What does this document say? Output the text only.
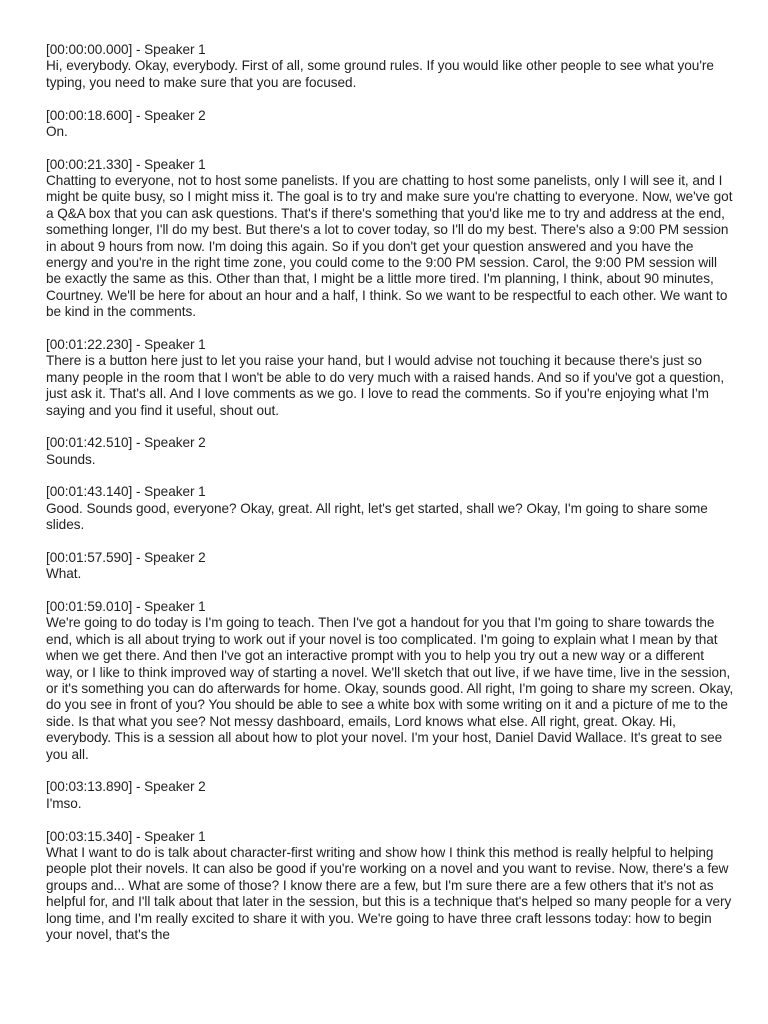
[00:00:00.000] - Speaker 1
Hi, everybody. Okay, everybody. First of all, some ground rules. If you would like other people to see what you're typing, you need to make sure that you are focused.
[00:00:18.600] - Speaker 2
On.
[00:00:21.330] - Speaker 1
Chatting to everyone, not to host some panelists. If you are chatting to host some panelists, only I will see it, and I might be quite busy, so I might miss it. The goal is to try and make sure you're chatting to everyone. Now, we've got a Q&A box that you can ask questions. That's if there's something that you'd like me to try and address at the end, something longer, I'll do my best. But there's a lot to cover today, so I'll do my best. There's also a 9:00 PM session in about 9 hours from now. I'm doing this again. So if you don't get your question answered and you have the energy and you're in the right time zone, you could come to the 9:00 PM session. Carol, the 9:00 PM session will be exactly the same as this. Other than that, I might be a little more tired. I'm planning, I think, about 90 minutes, Courtney. We'll be here for about an hour and a half, I think. So we want to be respectful to each other. We want to be kind in the comments.
[00:01:22.230] - Speaker 1
There is a button here just to let you raise your hand, but I would advise not touching it because there's just so many people in the room that I won't be able to do very much with a raised hands. And so if you've got a question, just ask it. That's all. And I love comments as we go. I love to read the comments. So if you're enjoying what I'm saying and you find it useful, shout out.
[00:01:42.510] - Speaker 2
Sounds.
[00:01:43.140] - Speaker 1
Good. Sounds good, everyone? Okay, great. All right, let's get started, shall we? Okay, I'm going to share some slides.
[00:01:57.590] - Speaker 2
What.
[00:01:59.010] - Speaker 1
We're going to do today is I'm going to teach. Then I've got a handout for you that I'm going to share towards the end, which is all about trying to work out if your novel is too complicated. I'm going to explain what I mean by that when we get there. And then I've got an interactive prompt with you to help you try out a new way or a different way, or I like to think improved way of starting a novel. We'll sketch that out live, if we have time, live in the session, or it's something you can do afterwards for home. Okay, sounds good. All right, I'm going to share my screen. Okay, do you see in front of you? You should be able to see a white box with some writing on it and a picture of me to the side. Is that what you see? Not messy dashboard, emails, Lord knows what else. All right, great. Okay. Hi, everybody. This is a session all about how to plot your novel. I'm your host, Daniel David Wallace. It's great to see you all.
[00:03:13.890] - Speaker 2
I'mso.
[00:03:15.340] - Speaker 1
What I want to do is talk about character-first writing and show how I think this method is really helpful to helping people plot their novels. It can also be good if you're working on a novel and you want to revise. Now, there's a few groups and... What are some of those? I know there are a few, but I'm sure there are a few others that it's not as helpful for, and I'll talk about that later in the session, but this is a technique that's helped so many people for a very long time, and I'm really excited to share it with you. We're going to have three craft lessons today: how to begin your novel, that's the
